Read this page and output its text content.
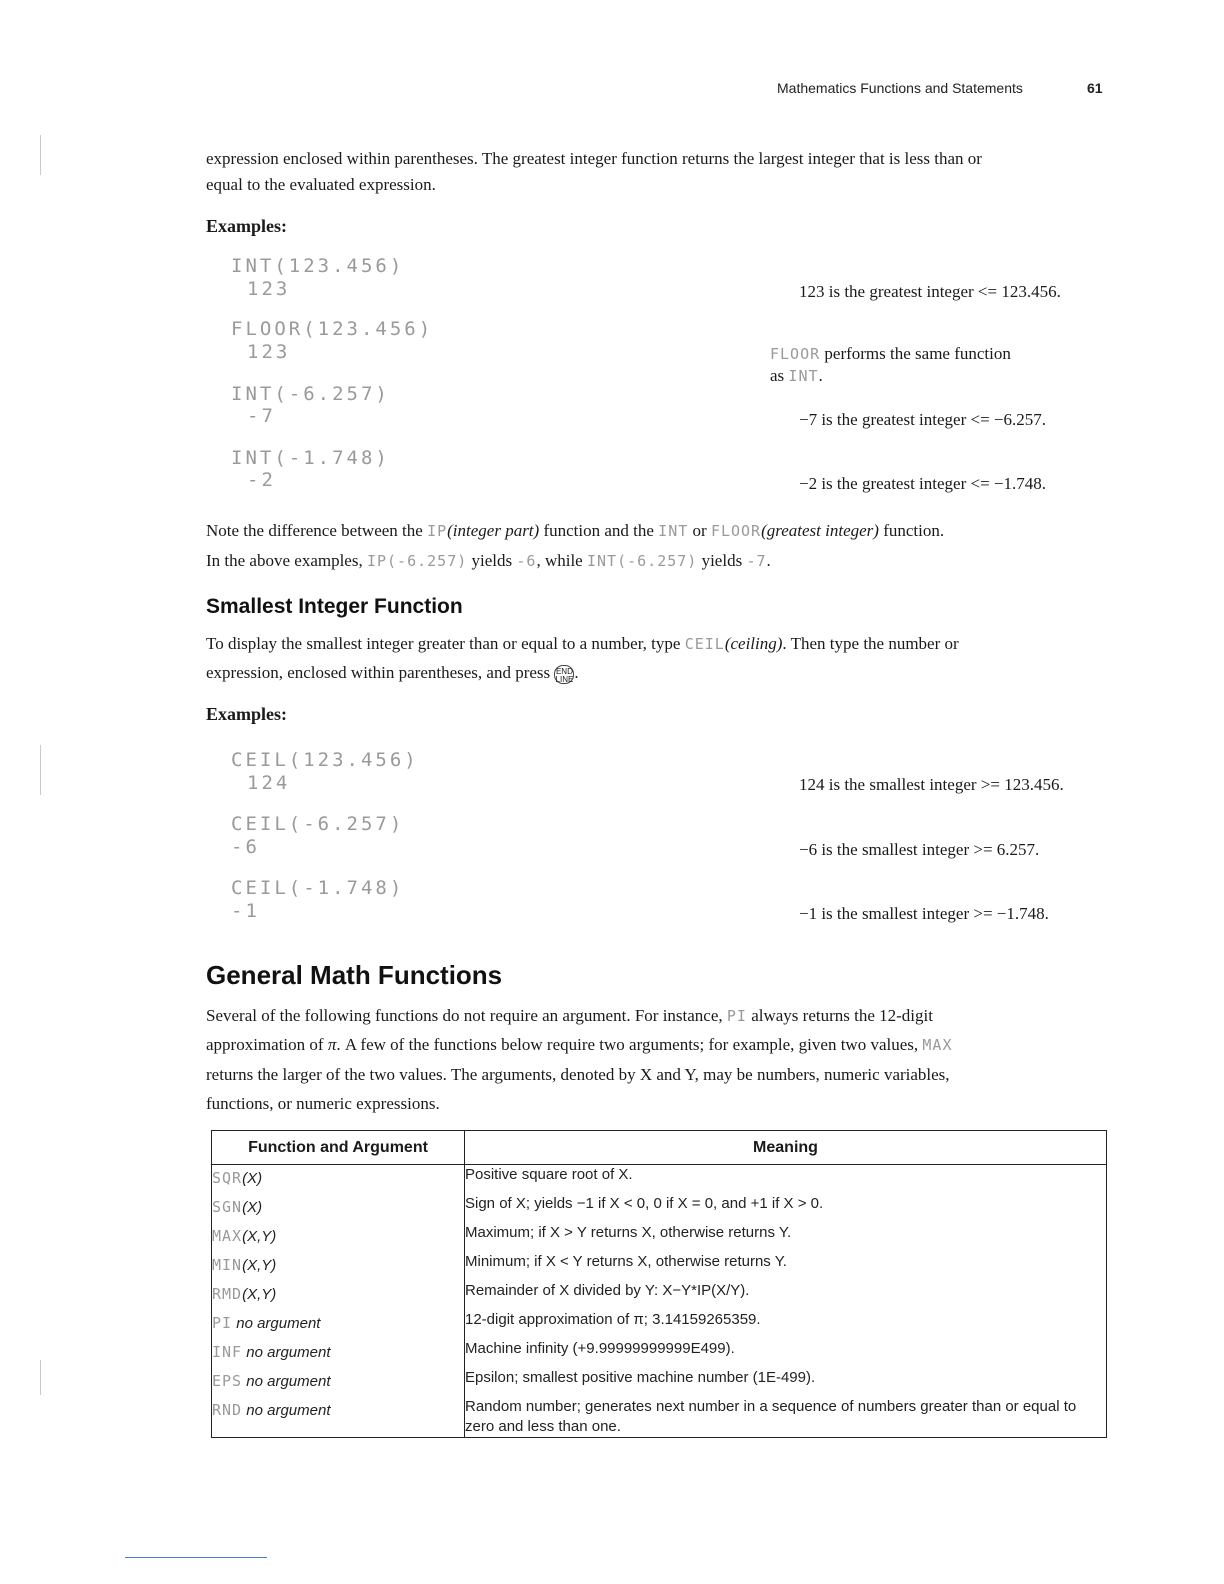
Mathematics Functions and Statements	61
expression enclosed within parentheses. The greatest integer function returns the largest integer that is less than or
equal to the evaluated expression.
Examples:
INT(123.456)
123	123 is the greatest integer <= 123.456.
FLOOR(123.456)
123	FLOOR performs the same function
as INT.
INT(-6.257)
-7	−7 is the greatest integer <= −6.257.
INT(-1.748)
-2	−2 is the greatest integer <= −1.748.
Note the difference between the IP(integer part) function and the INT or FLOOR(greatest integer) function.
In the above examples, IP(-6.257) yields -6, while INT(-6.257) yields -7.
Smallest Integer Function
To display the smallest integer greater than or equal to a number, type CEIL(ceiling). Then type the number or
expression, enclosed within parentheses, and press END
LINE.
Examples:
CEIL(123.456)
124	124 is the smallest integer >= 123.456.
CEIL(-6.257)
-6	−6 is the smallest integer >= 6.257.
CEIL(-1.748)
-1	−1 is the smallest integer >= −1.748.
General Math Functions
Several of the following functions do not require an argument. For instance, PI always returns the 12-digit
approximation of π. A few of the functions below require two arguments; for example, given two values, MAX
returns the larger of the two values. The arguments, denoted by X and Y, may be numbers, numeric variables,
functions, or numeric expressions.
Function and Argument	Meaning
SQR(X)	Positive square root of X.
SGN(X)	Sign of X; yields −1 if X < 0, 0 if X = 0, and +1 if X > 0.
MAX(X,Y)	Maximum; if X > Y returns X, otherwise returns Y.
MIN(X,Y)	Minimum; if X < Y returns X, otherwise returns Y.
RMD(X,Y)	Remainder of X divided by Y: X−Y*IP(X/Y).
PI no argument	12-digit approximation of π; 3.14159265359.
INF no argument	Machine infinity (+9.99999999999E499).
EPS no argument	Epsilon; smallest positive machine number (1E-499).
RND no argument	Random number; generates next number in a sequence of numbers greater than or equal to zero and less than one.
